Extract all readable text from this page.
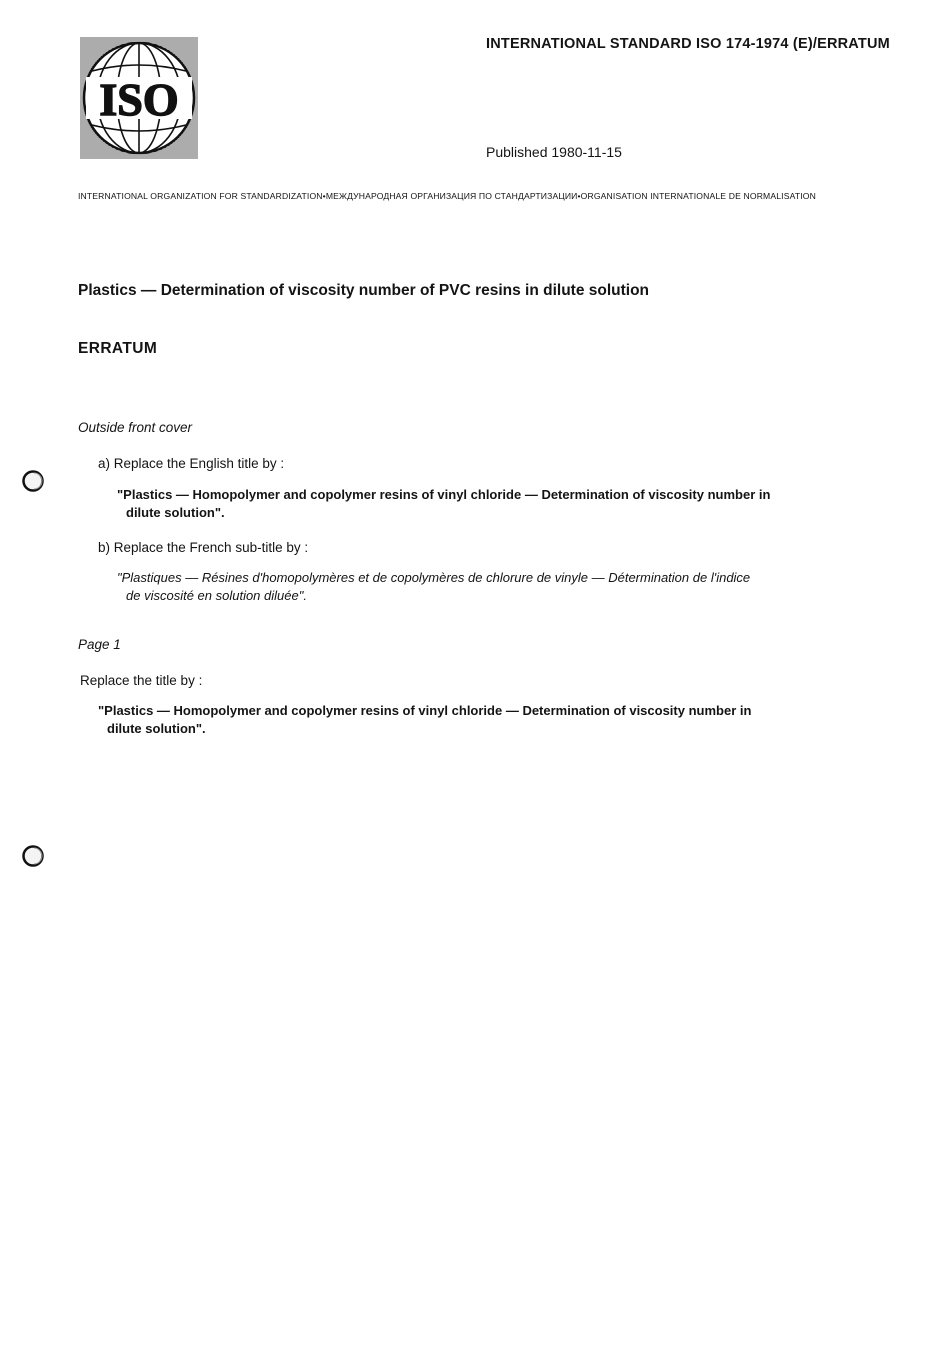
ISO
INTERNATIONAL STANDARD ISO 174-1974 (E)/ERRATUM
Published 1980-11-15
INTERNATIONAL ORGANIZATION FOR STANDARDIZATION•МЕЖДУНАРОДНАЯ ОРГАНИЗАЦИЯ ПО СТАНДАРТИЗАЦИИ•ORGANISATION INTERNATIONALE DE NORMALISATION
Plastics — Determination of viscosity number of PVC resins in dilute solution
ERRATUM
Outside front cover
a) Replace the English title by :
"Plastics — Homopolymer and copolymer resins of vinyl chloride — Determination of viscosity number in
dilute solution".
b) Replace the French sub-title by :
"Plastiques — Résines d'homopolymères et de copolymères de chlorure de vinyle — Détermination de l'indice
de viscosité en solution diluée".
Page 1
Replace the title by :
"Plastics — Homopolymer and copolymer resins of vinyl chloride — Determination of viscosity number in
dilute solution".
